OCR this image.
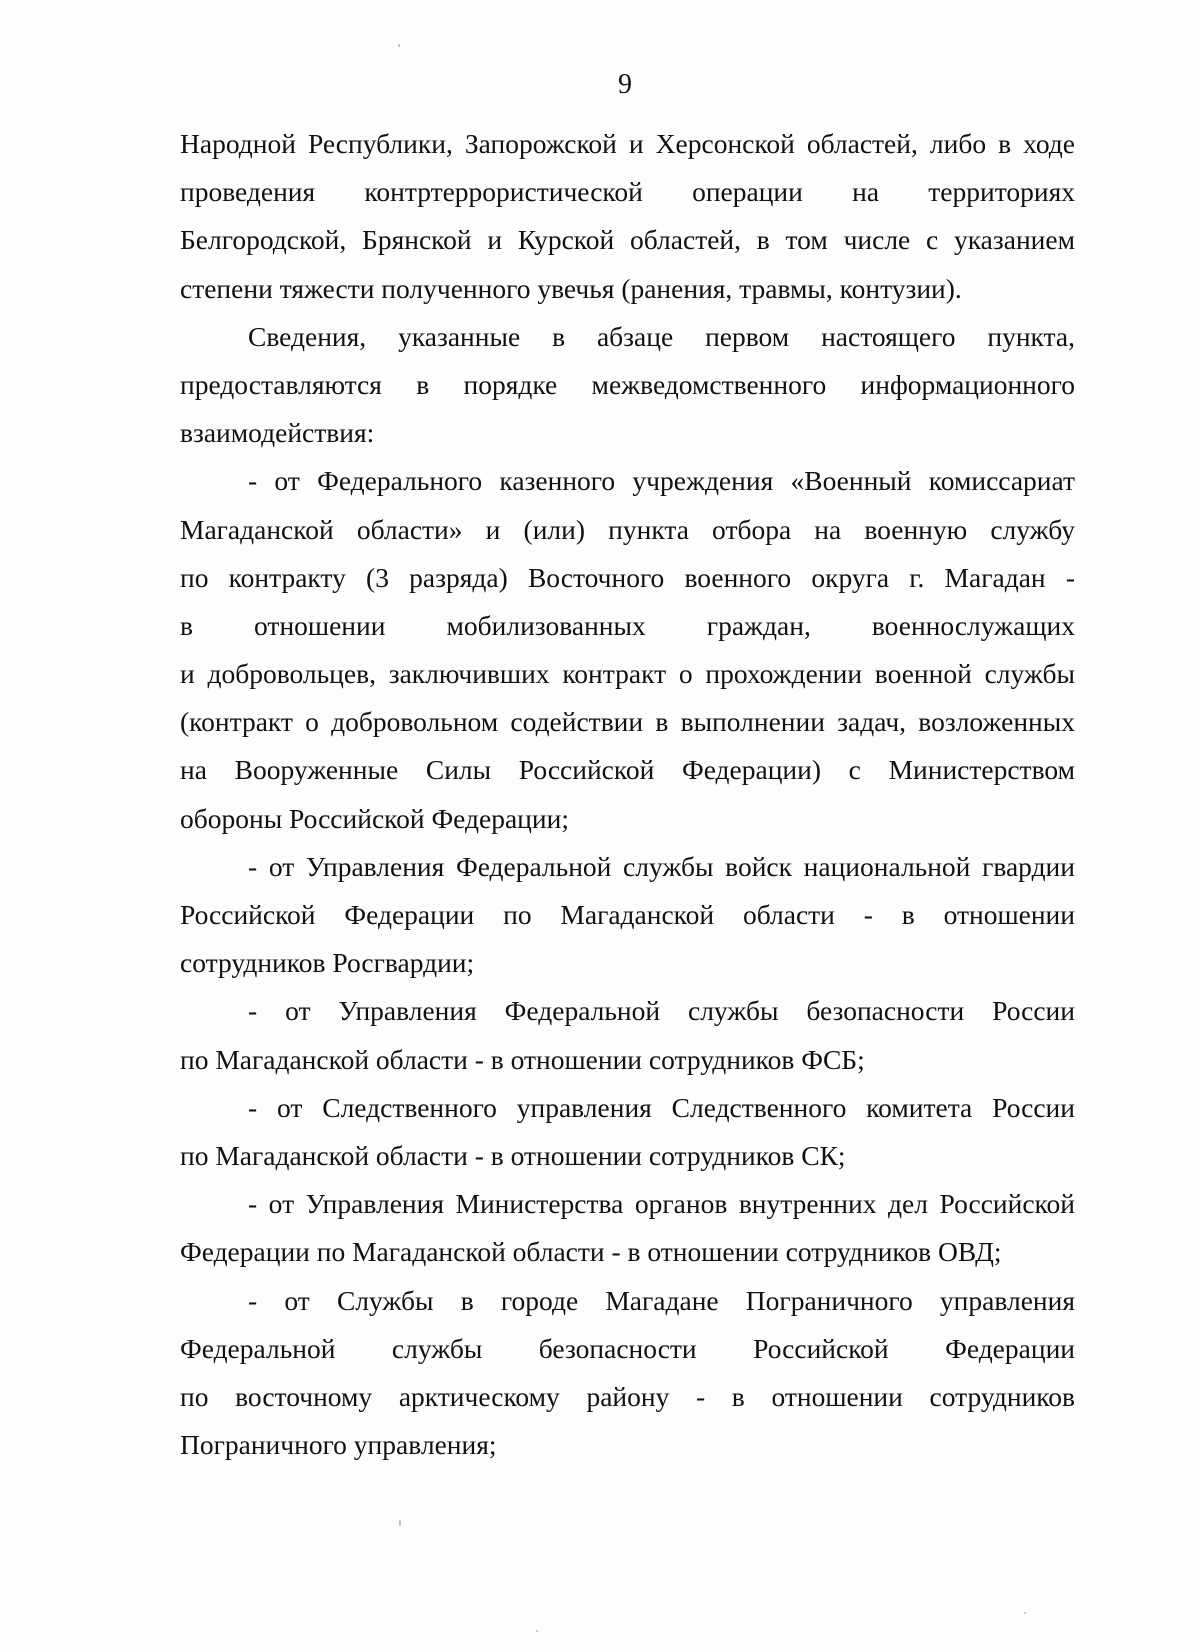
9
Народной Республики, Запорожской и Херсонской областей, либо в ходе
проведения контртеррористической операции на территориях
Белгородской, Брянской и Курской областей, в том числе с указанием
степени тяжести полученного увечья (ранения, травмы, контузии).
Сведения, указанные в абзаце первом настоящего пункта,
предоставляются в порядке межведомственного информационного
взаимодействия:
- от Федерального казенного учреждения «Военный комиссариат
Магаданской области» и (или) пункта отбора на военную службу
по контракту (3 разряда) Восточного военного округа г. Магадан -
в отношении мобилизованных граждан, военнослужащих
и добровольцев, заключивших контракт о прохождении военной службы
(контракт о добровольном содействии в выполнении задач, возложенных
на Вооруженные Силы Российской Федерации) с Министерством
обороны Российской Федерации;
- от Управления Федеральной службы войск национальной гвардии
Российской Федерации по Магаданской области - в отношении
сотрудников Росгвардии;
- от Управления Федеральной службы безопасности России
по Магаданской области - в отношении сотрудников ФСБ;
- от Следственного управления Следственного комитета России
по Магаданской области - в отношении сотрудников СК;
- от Управления Министерства органов внутренних дел Российской
Федерации по Магаданской области - в отношении сотрудников ОВД;
- от Службы в городе Магадане Пограничного управления
Федеральной службы безопасности Российской Федерации
по восточному арктическому району - в отношении сотрудников
Пограничного управления;
